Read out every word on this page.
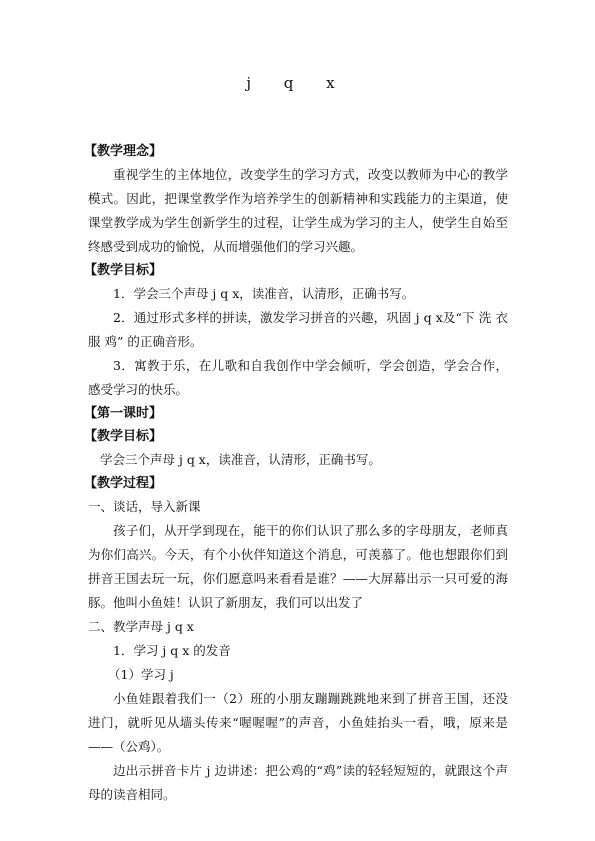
j q x
【教学理念】
重视学生的主体地位，改变学生的学习方式，改变以教师为中心的教学模式。因此，把课堂教学作为培养学生的创新精神和实践能力的主渠道，使课堂教学成为学生创新学生的过程，让学生成为学习的主人，使学生自始至终感受到成功的愉悦，从而增强他们的学习兴趣。
【教学目标】
1．学会三个声母 j q x，读准音，认清形，正确书写。
2．通过形式多样的拼读，激发学习拼音的兴趣，巩固 j q x及“下 洗 衣 服 鸡” 的正确音形。
3．寓教于乐，在儿歌和自我创作中学会倾听，学会创造，学会合作，感受学习的快乐。
【第一课时】
【教学目标】
学会三个声母 j q x，读准音，认清形，正确书写。
【教学过程】
一、谈话，导入新课
孩子们，从开学到现在，能干的你们认识了那么多的字母朋友，老师真为你们高兴。今天，有个小伙伴知道这个消息，可羡慕了。他也想跟你们到拼音王国去玩一玩，你们愿意吗来看看是谁？——大屏幕出示一只可爱的海豚。他叫小鱼娃！认识了新朋友，我们可以出发了
二、教学声母 j q x
1．学习 j q x 的发音
（1）学习 j
小鱼娃跟着我们一（2）班的小朋友蹦蹦跳跳地来到了拼音王国，还没进门，就听见从墙头传来“喔喔喔”的声音，小鱼娃抬头一看，哦，原来是——（公鸡）。
边出示拼音卡片 j 边讲述：把公鸡的“鸡”读的轻轻短短的，就跟这个声母的读音相同。
